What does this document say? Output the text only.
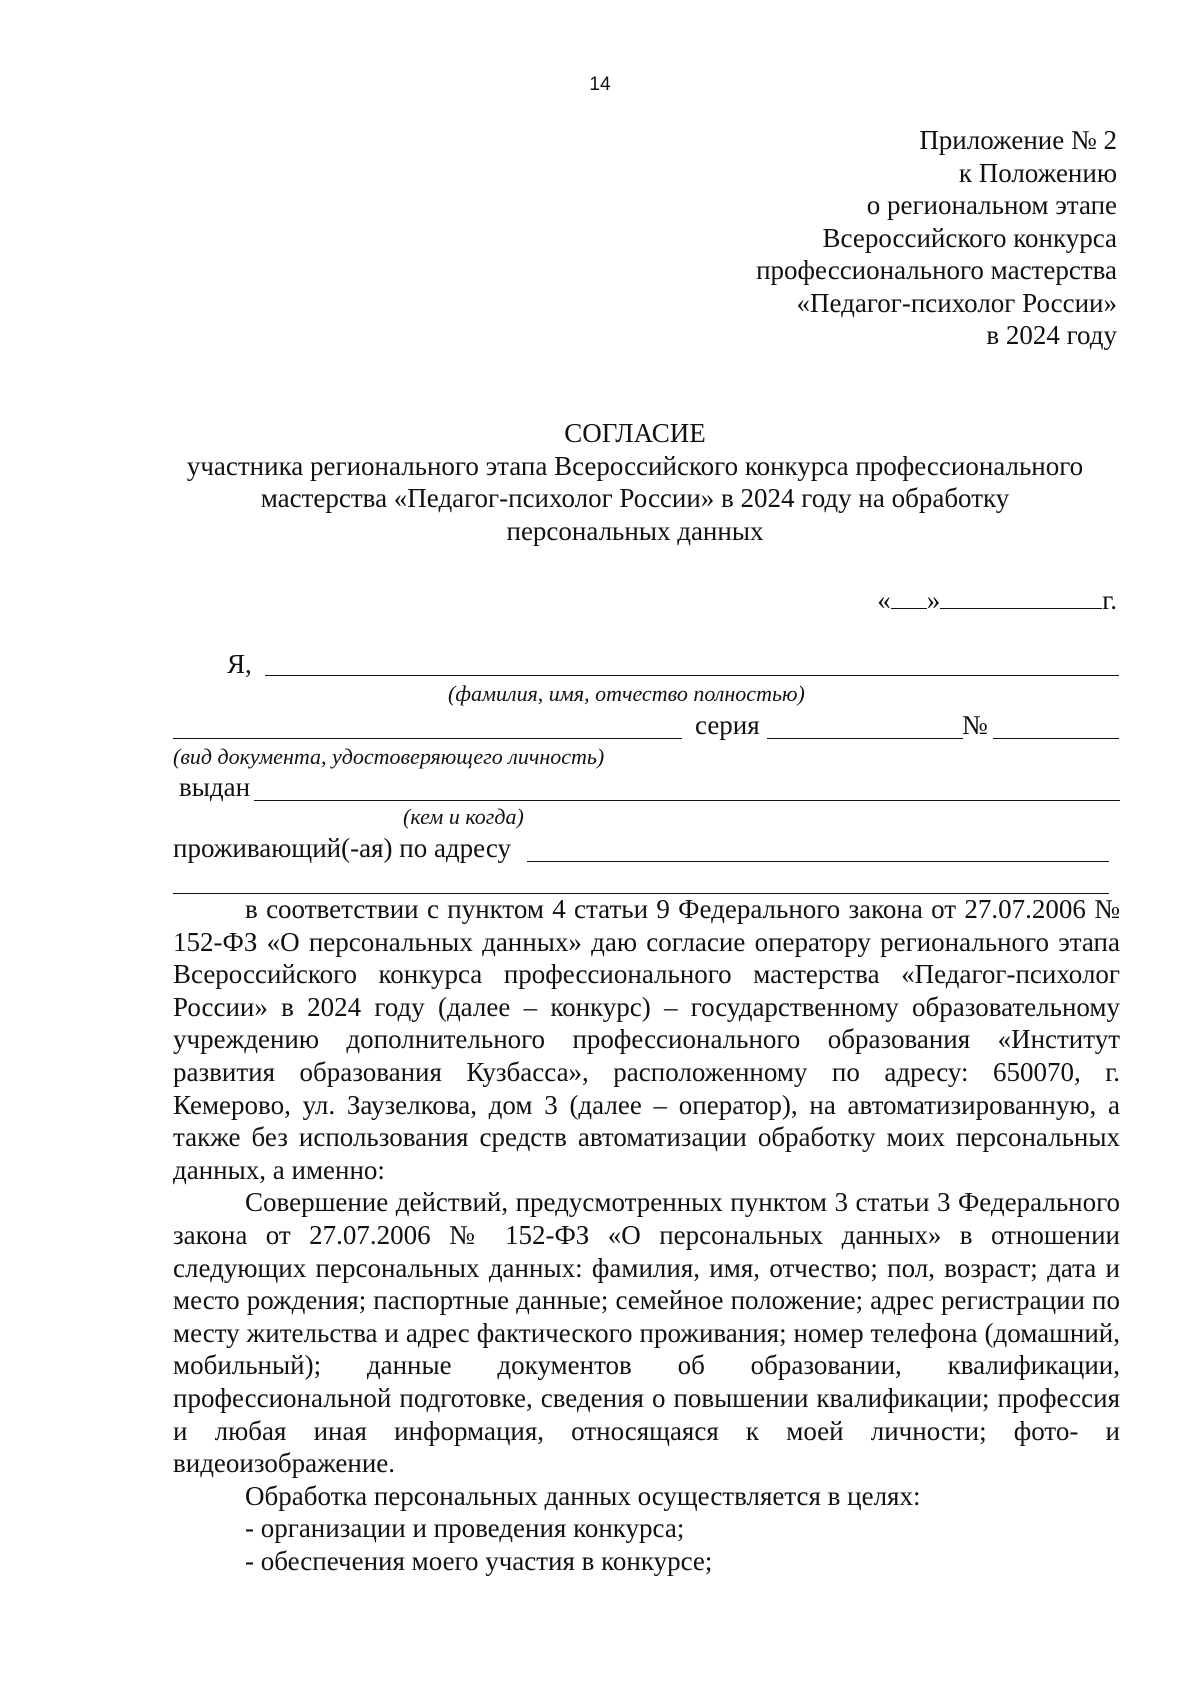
14
Приложение № 2
к Положению
о региональном этапе
Всероссийского конкурса
профессионального мастерства
«Педагог-психолог России»
в 2024 году
СОГЛАСИЕ
участника регионального этапа Всероссийского конкурса профессионального
мастерства «Педагог-психолог России» в 2024 году на обработку
персональных данных
« »	г.
Я,
(фамилия, имя, отчество полностью)
серия	№
(вид документа, удостоверяющего личность)
выдан
(кем и когда)
проживающий(-ая) по адресу

в соответствии с пунктом 4 статьи 9 Федерального закона от 27.07.2006 № 152-ФЗ «О персональных данных» даю согласие оператору регионального этапа Всероссийского конкурса профессионального мастерства «Педагог-психолог России» в 2024 году (далее – конкурс) – государственному образовательному учреждению дополнительного профессионального образования «Институт развития образования Кузбасса», расположенному по адресу: 650070, г. Кемерово, ул. Заузелкова, дом 3 (далее – оператор), на автоматизированную, а также без использования средств автоматизации обработку моих персональных данных, а именно:

Совершение действий, предусмотренных пунктом 3 статьи 3 Федерального закона от 27.07.2006 № 152-ФЗ «О персональных данных» в отношении следующих персональных данных: фамилия, имя, отчество; пол, возраст; дата и место рождения; паспортные данные; семейное положение; адрес регистрации по месту жительства и адрес фактического проживания; номер телефона (домашний, мобильный); данные документов об образовании, квалификации, профессиональной подготовке, сведения о повышении квалификации; профессия и любая иная информация, относящаяся к моей личности; фото- и видеоизображение.

Обработка персональных данных осуществляется в целях:

- организации и проведения конкурса;

- обеспечения моего участия в конкурсе;
